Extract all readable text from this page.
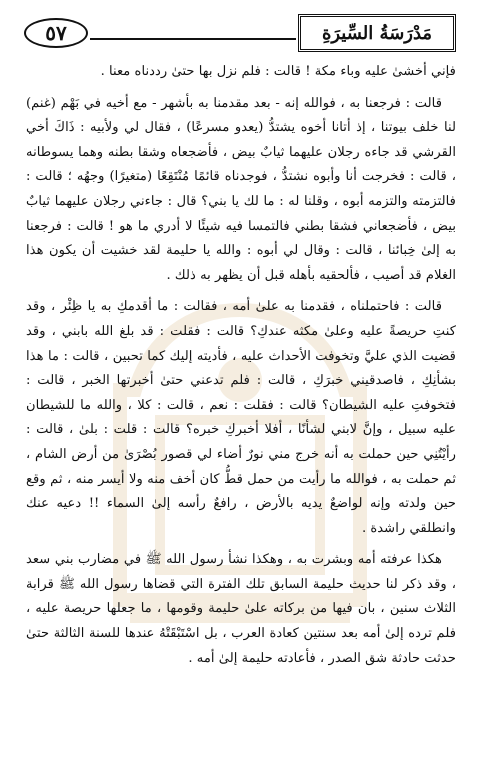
٥٧	مَدْرَسَةُ السِّيرَةِ

فإني أخشىٰ عليه وباء مكة ! قالت : فلم نزل بها حتىٰ رددناه معنا .

قالت : فرجعنا به ، فوالله إنه - بعد مقدمنا به بأشهر - مع أخيه في بَهْم (غنم) لنا خلف بيوتنا ، إذ أتانا أخوه يشتدُّ (يعدو مسرعًا) ، فقال لي ولأبيه : ذَاكَ أخي القرشي قد جاءه رجلان عليهما ثيابٌ بيض ، فأضجعاه وشقا بطنه وهما يسوطانه ، قالت : فخرجت أنا وأبوه نشتدُّ ، فوجدناه قائمًا مُنْتَقِعًا (متغيرًا) وجهُه ؛ قالت : فالتزمته والتزمه أبوه ، وقلنا له : ما لك يا بني؟ قال : جاءني رجلان عليهما ثيابٌ بيض ، فأضجعاني فشقا بطني فالتمسا فيه شيئًا لا أدري ما هو ! قالت : فرجعنا به إلىٰ خِبائنا ، قالت : وقال لي أبوه : والله يا حليمة لقد خشيت أن يكون هذا الغلام قد أصيب ، فألحقيه بأهله قبل أن يظهر به ذلك .

قالت : فاحتملناه ، فقدمنا به علىٰ أمه ، فقالت : ما أقدمكِ به يا ظِئْر ، وقد كنتِ حريصةً عليه وعلىٰ مكثه عندكِ؟ قالت : فقلت : قد بلغ الله بابني ، وقد قضيت الذي عليَّ وتخوفت الأحداث عليه ، فأديته إليك كما تحبين ، قالت : ما هذا بشأنِكِ ، فاصدقيني خبرَكِ ، قالت : فلم تدعني حتىٰ أخبرتها الخبر ، قالت : فتخوفتِ عليه الشيطان؟ قالت : فقلت : نعم ، قالت : كلا ، والله ما للشيطان عليه سبيل ، وإنَّ لابني لشأنًا ، أفلا أخبركِ خبره؟ قالت : قلت : بلىٰ ، قالت : رأيْتُنِي حين حملت به أنه خرج مني نورٌ أضاء لي قصور بُصْرَىٰ من أرض الشام ، ثم حملت به ، فوالله ما رأيت من حمل قطُّ كان أخف منه ولا أيسر منه ، ثم وقع حين ولدته وإنه لواضعٌ يديه بالأرض ، رافعٌ رأسه إلىٰ السماء !! دعيه عنك وانطلقي راشدة .

هكذا عرفته أمه وبشرت به ، وهكذا نشأ رسول الله ﷺ في مضارب بني سعد ، وقد ذكر لنا حديث حليمة السابق تلك الفترة التي قضاها رسول الله ﷺ قرابة الثلاث سنين ، بان فيها من بركاته علىٰ حليمة وقومها ، ما جعلها حريصة عليه ، فلم ترده إلىٰ أمه بعد سنتين كعادة العرب ، بل اسْتَبْقَتْهُ عندها للسنة الثالثة حتىٰ حدثت حادثة شق الصدر ، فأعادته حليمة إلىٰ أمه .
